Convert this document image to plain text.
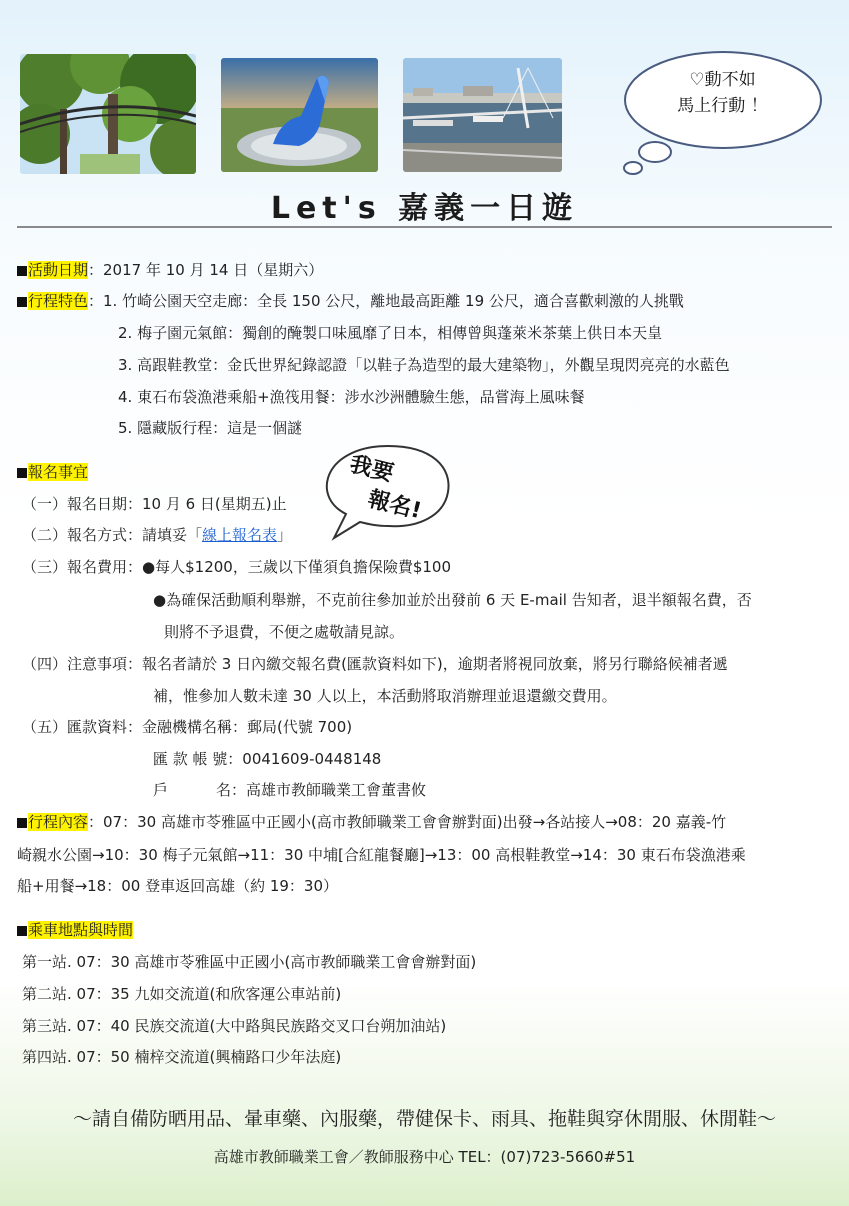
♡動不如
馬上行動 ！
Let's 嘉義一日遊
活動日期：2017 年 10 月 14 日（星期六）
行程特色：1. 竹崎公園天空走廊：全長 150 公尺，離地最高距離 19 公尺，適合喜歡刺激的人挑戰
2. 梅子園元氣館：獨創的醃製口味風靡了日本，相傳曾與蓬萊米茶葉上供日本天皇
3. 高跟鞋教堂：金氏世界紀錄認證「以鞋子為造型的最大建築物」，外觀呈現閃亮亮的水藍色
4. 東石布袋漁港乘船+漁筏用餐：涉水沙洲體驗生態，品嘗海上風味餐
5. 隱藏版行程：這是一個謎
報名事宜	我要
報名!
（一）報名日期：10 月 6 日(星期五)止
（二）報名方式：請填妥「線上報名表」
（三）報名費用：●每人$1200，三歲以下僅須負擔保險費$100
●為確保活動順利舉辦，不克前往參加並於出發前 6 天 E-mail 告知者，退半額報名費，否
則將不予退費，不便之處敬請見諒。
（四）注意事項：報名者請於 3 日內繳交報名費(匯款資料如下)，逾期者將視同放棄，將另行聯絡候補者遞
補，惟參加人數未達 30 人以上，本活動將取消辦理並退還繳交費用。
（五）匯款資料：金融機構名稱：郵局(代號 700)
匯 款 帳 號：0041609-0448148
戶	名：高雄市教師職業工會董書攸
行程內容：07：30 高雄市苓雅區中正國小(高市教師職業工會會辦對面)出發→各站接人→08：20 嘉義-竹
崎親水公園→10：30 梅子元氣館→11：30 中埔[合紅龍餐廳]→13：00 高根鞋教堂→14：30 東石布袋漁港乘
船+用餐→18：00 登車返回高雄（約 19：30）
乘車地點與時間
第一站. 07：30 高雄市苓雅區中正國小(高市教師職業工會會辦對面)
第二站. 07：35 九如交流道(和欣客運公車站前)
第三站. 07：40 民族交流道(大中路與民族路交叉口台朔加油站)
第四站. 07：50 楠梓交流道(興楠路口少年法庭)
～請自備防晒用品、暈車藥、內服藥，帶健保卡、雨具、拖鞋與穿休閒服、休閒鞋～
高雄市教師職業工會／教師服務中心 TEL：(07)723-5660#51
